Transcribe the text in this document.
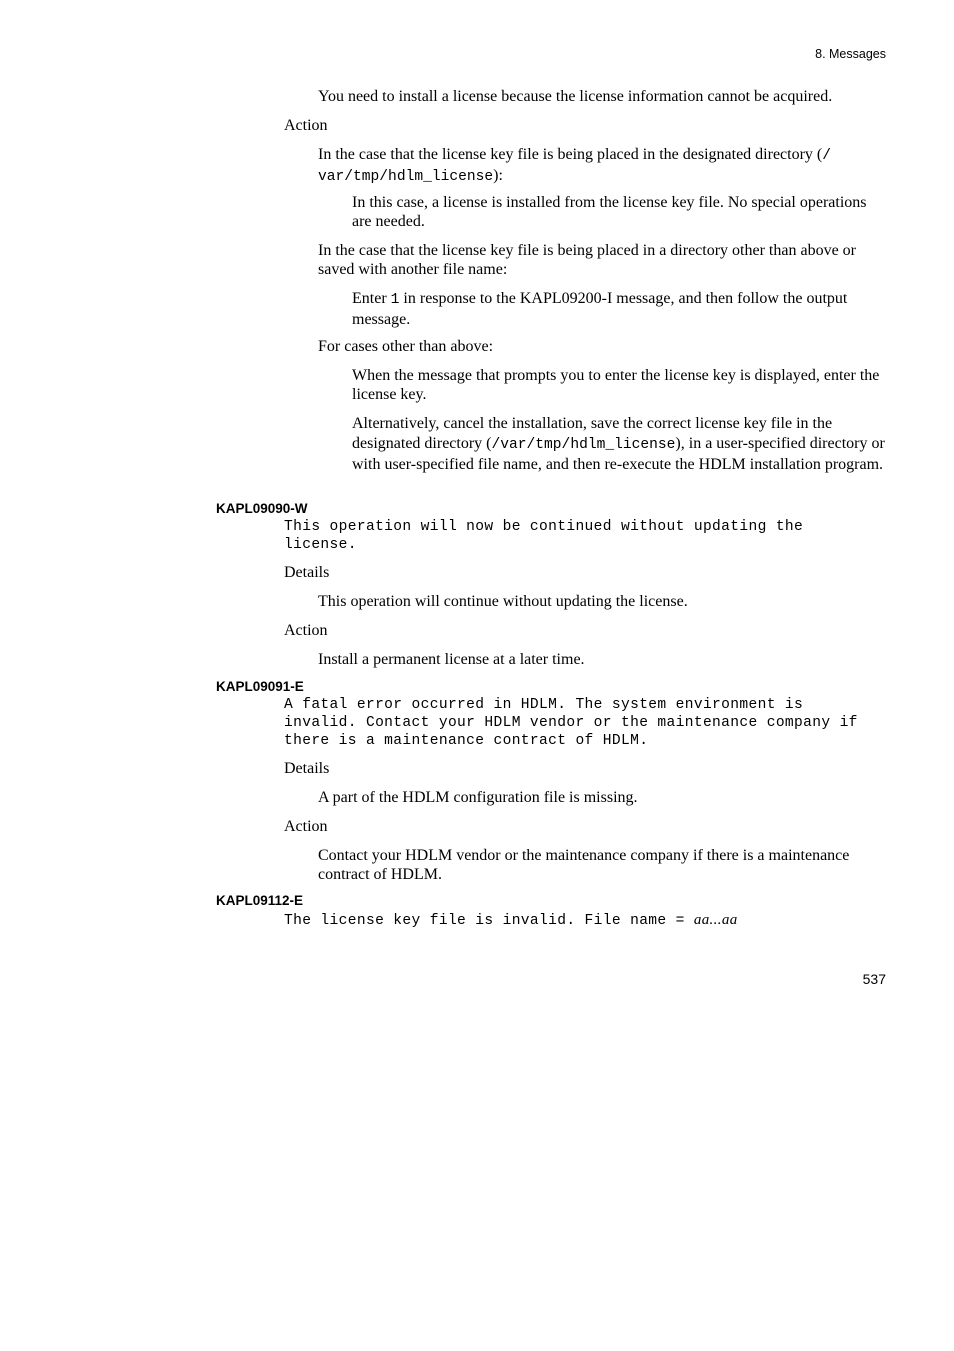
8. Messages

You need to install a license because the license information cannot be acquired.

Action

In the case that the license key file is being placed in the designated directory (/
var/tmp/hdlm_license):

In this case, a license is installed from the license key file. No special operations are needed.

In the case that the license key file is being placed in a directory other than above or saved with another file name:

Enter 1 in response to the KAPL09200-I message, and then follow the output message.

For cases other than above:

When the message that prompts you to enter the license key is displayed, enter the license key.

Alternatively, cancel the installation, save the correct license key file in the designated directory (/var/tmp/hdlm_license), in a user-specified directory or with user-specified file name, and then re-execute the HDLM installation program.

KAPL09090-W
This operation will now be continued without updating the
license.

Details

This operation will continue without updating the license.

Action

Install a permanent license at a later time.

KAPL09091-E
A fatal error occurred in HDLM. The system environment is
invalid. Contact your HDLM vendor or the maintenance company if
there is a maintenance contract of HDLM.

Details

A part of the HDLM configuration file is missing.

Action

Contact your HDLM vendor or the maintenance company if there is a maintenance contract of HDLM.

KAPL09112-E
The license key file is invalid. File name = aa...aa
537
